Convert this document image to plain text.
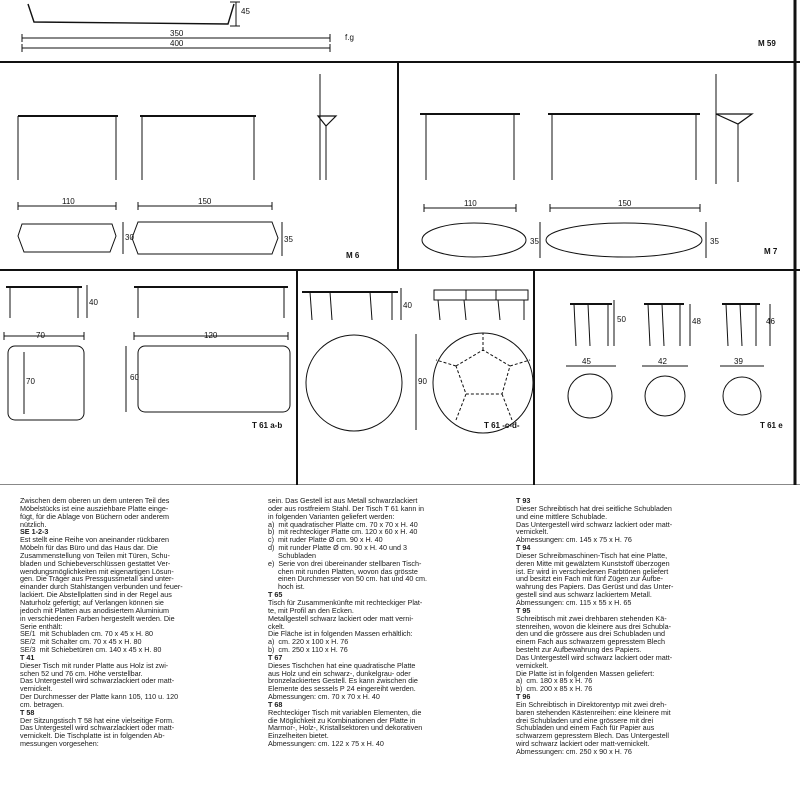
45
350
400
f.g
M 59
110	150
30	35
M 6
110	150
35	35
M 7
40
70	120
70	60
T 61 a-b
40
90
T 61 -c-d-
50	48	46
45	42	39
T 61 e
Zwischen dem oberen un dem unteren Teil des
Möbelstücks ist eine ausziehbare Platte einge-
fügt, für die Ablage von Büchern oder anderem
nützlich.
SE 1-2-3
Est stellt eine Reihe von aneinander rückbaren
Möbeln für das Büro und das Haus dar. Die
Zusammenstellung von Teilen mit Türen, Schu-
bladen und Schiebeverschlüssen gestattet Ver-
wendungsmöglichkeiten mit eigenartigen Lösun-
gen. Die Träger aus Pressgussmetall sind unter-
einander durch Stahlstangen verbunden und feuer-
lackiert. Die Abstellplatten sind in der Regel aus
Naturholz gefertigt; auf Verlangen können sie
jedoch mit Platten aus anodisiertem Aluminium
in verschiedenen Farben hergestellt werden. Die
Serie enthält:
SE/1  mit Schubladen cm. 70 x 45 x H. 80
SE/2  mit Schalter cm. 70 x 45 x H. 80
SE/3  mit Schiebetüren cm. 140 x 45 x H. 80
T 41
Dieser Tisch mit runder Platte aus Holz ist zwi-
schen 52 und 76 cm. Höhe verstellbar.
Das Untergestell wird schwarzlackiert oder matt-
vernickelt.
Der Durchmesser der Platte kann 105, 110 u. 120
cm. betragen.
T 58
Der Sitzungstisch T 58 hat eine vielseitige Form.
Das Untergestell wird schwarzlackiert oder matt-
vernickelt. Die Tischplatte ist in folgenden Ab-
messungen vorgesehen:
sein. Das Gestell ist aus Metall schwarzlackiert
oder aus rostfreiem Stahl. Der Tisch T 61 kann in
in folgenden Varianten geliefert werden:
a)  mit quadratischer Platte cm. 70 x 70 x H. 40
b)  mit rechteckiger Platte cm. 120 x 60 x H. 40
c)  mit ruder Platte Ø cm. 90 x H. 40
d)  mit runder Platte Ø cm. 90 x H. 40 und 3
Schubladen
e)  Serie von drei übereinander stellbaren Tisch-
chen mit runden Platten, wovon das grösste
einen Durchmesser von 50 cm. hat und 40 cm.
hoch ist.
T 65
Tisch für Zusammenkünfte mit rechteckiger Plat-
te, mit Profil an den Ecken.
Metallgestell schwarz lackiert oder matt verni-
ckelt.
Die Fläche ist in folgenden Massen erhältlich:
a)  cm. 220 x 100 x H. 76
b)  cm. 250 x 110 x H. 76
T 67
Dieses Tischchen hat eine quadratische Platte
aus Holz und ein schwarz-, dunkelgrau- oder
bronzelackiertes Gestell. Es kann zwischen die
Elemente des sessels P 24 eingereiht werden.
Abmessungen: cm. 70 x 70 x H. 40
T 68
Rechteckiger Tisch mit variablen Elementen, die
die Möglichkeit zu Kombinationen der Platte in
Marmor-, Holz-, Kristallsektoren und dekorativen
Einzelheiten bietet.
Abmessungen: cm. 122 x 75 x H. 40
T 93
Dieser Schreibtisch hat drei seitliche Schubladen
und eine mittlere Schublade.
Das Untergestell wird schwarz lackiert oder matt-
vernickelt.
Abmessungen: cm. 145 x 75 x H. 76
T 94
Dieser Schreibmaschinen-Tisch hat eine Platte,
deren Mitte mit gewälztem Kunststoff überzogen
ist. Er wird in verschiedenen Farbtönen geliefert
und besitzt ein Fach mit fünf Zügen zur Aufbe-
wahrung des Papiers. Das Gerüst und das Unter-
gestell sind aus schwarz lackiertem Metall.
Abmessungen: cm. 115 x 55 x H. 65
T 95
Schreibtisch mit zwei drehbaren stehenden Kä-
stenreihen, wovon die kleinere aus drei Schubla-
den und die grössere aus drei Schubladen und
einem Fach aus schwarzem gepresstem Blech
besteht zur Aufbewahrung des Papiers.
Das Untergestell wird schwarz lackiert oder matt-
vernickelt.
Die Platte ist in folgenden Massen geliefert:
a)  cm. 180 x 85 x H. 76
b)  cm. 200 x 85 x H. 76
T 96
Ein Schreibtisch in Direktorentyp mit zwei dreh-
baren stehenden Kästenreihen: eine kleinere mit
drei Schubladen und eine grössere mit drei
Schubladen und einem Fach für Papier aus
schwarzem gepresstem Blech. Das Untergestell
wird schwarz lackiert oder matt-vernickelt.
Abmessungen: cm. 250 x 90 x H. 76
